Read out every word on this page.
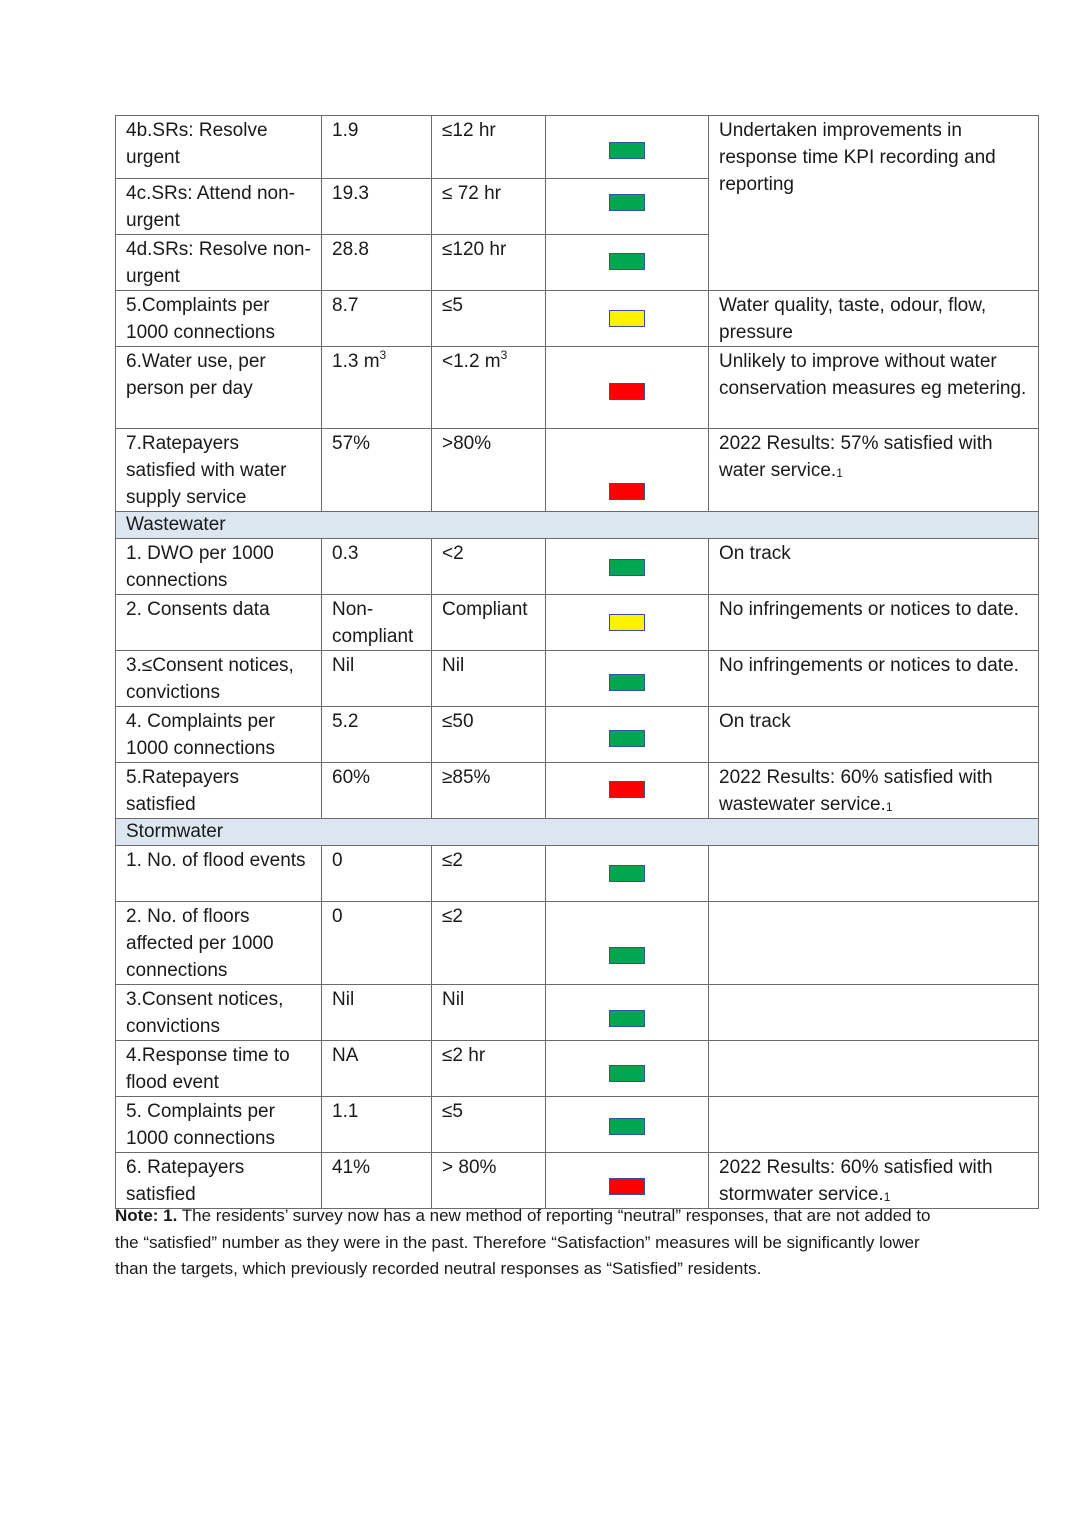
4b.SRs: Resolve urgent	1.9	≤12 hr		Undertaken improvements in response time KPI recording and reporting
4c.SRs: Attend non-urgent	19.3	≤ 72 hr		
4d.SRs: Resolve non-urgent	28.8	≤120 hr		
5.Complaints per 1000 connections	8.7	≤5		Water quality, taste, odour, flow, pressure
6.Water use, per person per day	1.3 $m^3$	<1.2 $m^3$		Unlikely to improve without water conservation measures eg metering.
7.Ratepayers satisfied with water supply service	57%	>80%		2022 Results: 57% satisfied with water $service._1$
Wastewater				
1. DWO per 1000 connections	0.3	<2		On track
2. Consents data	Non-compliant	Compliant		No infringements or notices to date.
3.≤Consent notices, convictions	Nil	Nil		No infringements or notices to date.
4. Complaints per 1000 connections	5.2	≤50		On track
5.Ratepayers satisfied	60%	≥85%		2022 Results: 60% satisfied with wastewater $service._1$
Stormwater				
1. No. of flood events	0	≤2		
2. No. of floors affected per 1000 connections	0	≤2		
3.Consent notices, convictions	Nil	Nil		
4.Response time to flood event	NA	≤2 hr		
5. Complaints per 1000 connections	1.1	≤5		
6. Ratepayers satisfied	41%	> 80%		2022 Results: 60% satisfied with stormwater $service._1$

Note: 1. The residents’ survey now has a new method of reporting “neutral” responses, that are not added to the “satisfied” number as they were in the past. Therefore “Satisfaction” measures will be significantly lower than the targets, which previously recorded neutral responses as “Satisfied” residents.
